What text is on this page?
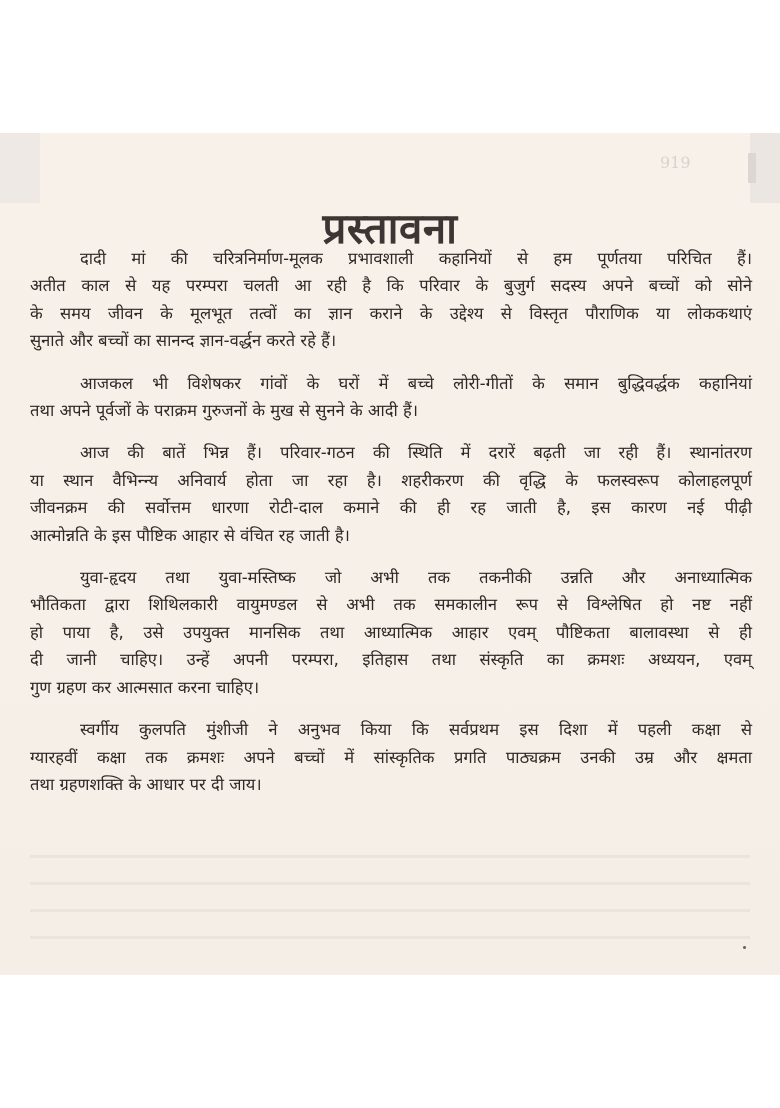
919
प्रस्तावना
दादी मां की चरित्रनिर्माण-मूलक प्रभावशाली कहानियों से हम पूर्णतया परिचित हैं।
अतीत काल से यह परम्परा चलती आ रही है कि परिवार के बुजुर्ग सदस्य अपने बच्चों को सोने
के समय जीवन के मूलभूत तत्वों का ज्ञान कराने के उद्देश्य से विस्तृत पौराणिक या लोककथाएं
सुनाते और बच्चों का सानन्द ज्ञान-वर्द्धन करते रहे हैं।
आजकल भी विशेषकर गांवों के घरों में बच्चे लोरी-गीतों के समान बुद्धिवर्द्धक कहानियां
तथा अपने पूर्वजों के पराक्रम गुरुजनों के मुख से सुनने के आदी हैं।
आज की बातें भिन्न हैं। परिवार-गठन की स्थिति में दरारें बढ़ती जा रही हैं। स्थानांतरण
या स्थान वैभिन्न्य अनिवार्य होता जा रहा है। शहरीकरण की वृद्धि के फलस्वरूप कोलाहलपूर्ण
जीवनक्रम की सर्वोत्तम धारणा रोटी-दाल कमाने की ही रह जाती है, इस कारण नई पीढ़ी
आत्मोन्नति के इस पौष्टिक आहार से वंचित रह जाती है।
युवा-हृदय तथा युवा-मस्तिष्क जो अभी तक तकनीकी उन्नति और अनाध्यात्मिक
भौतिकता द्वारा शिथिलकारी वायुमण्डल से अभी तक समकालीन रूप से विश्लेषित हो नष्ट नहीं
हो पाया है, उसे उपयुक्त मानसिक तथा आध्यात्मिक आहार एवम् पौष्टिकता बालावस्था से ही
दी जानी चाहिए। उन्हें अपनी परम्परा, इतिहास तथा संस्कृति का क्रमशः अध्ययन, एवम्
गुण ग्रहण कर आत्मसात करना चाहिए।
स्वर्गीय कुलपति मुंशीजी ने अनुभव किया कि सर्वप्रथम इस दिशा में पहली कक्षा से
ग्यारहवीं कक्षा तक क्रमशः अपने बच्चों में सांस्कृतिक प्रगति पाठ्यक्रम उनकी उम्र और क्षमता
तथा ग्रहणशक्ति के आधार पर दी जाय।
